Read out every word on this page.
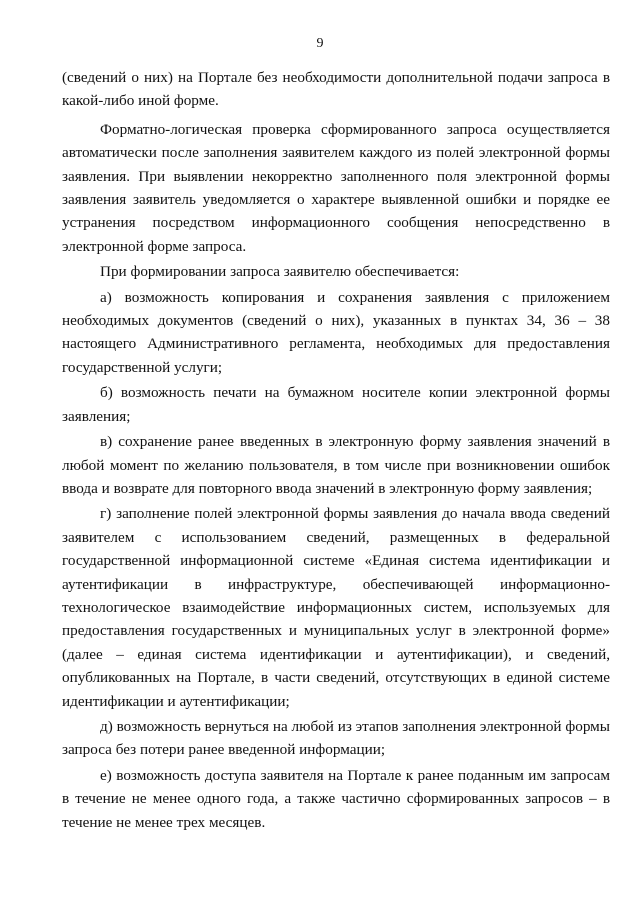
9

(сведений о них) на Портале без необходимости дополнительной подачи запроса в какой-либо иной форме.

Форматно-логическая проверка сформированного запроса осуществляется автоматически после заполнения заявителем каждого из полей электронной формы заявления. При выявлении некорректно заполненного поля электронной формы заявления заявитель уведомляется о характере выявленной ошибки и порядке ее устранения посредством информационного сообщения непосредственно в электронной форме запроса.

При формировании запроса заявителю обеспечивается:

а) возможность копирования и сохранения заявления с приложением необходимых документов (сведений о них), указанных в пунктах 34, 36 – 38 настоящего Административного регламента, необходимых для предоставления государственной услуги;

б) возможность печати на бумажном носителе копии электронной формы заявления;

в) сохранение ранее введенных в электронную форму заявления значений в любой момент по желанию пользователя, в том числе при возникновении ошибок ввода и возврате для повторного ввода значений в электронную форму заявления;

г) заполнение полей электронной формы заявления до начала ввода сведений заявителем с использованием сведений, размещенных в федеральной государственной информационной системе «Единая система идентификации и аутентификации в инфраструктуре, обеспечивающей информационно-технологическое взаимодействие информационных систем, используемых для предоставления государственных и муниципальных услуг в электронной форме» (далее – единая система идентификации и аутентификации), и сведений, опубликованных на Портале, в части сведений, отсутствующих в единой системе идентификации и аутентификации;

д) возможность вернуться на любой из этапов заполнения электронной формы запроса без потери ранее введенной информации;

е) возможность доступа заявителя на Портале к ранее поданным им запросам в течение не менее одного года, а также частично сформированных запросов – в течение не менее трех месяцев.
